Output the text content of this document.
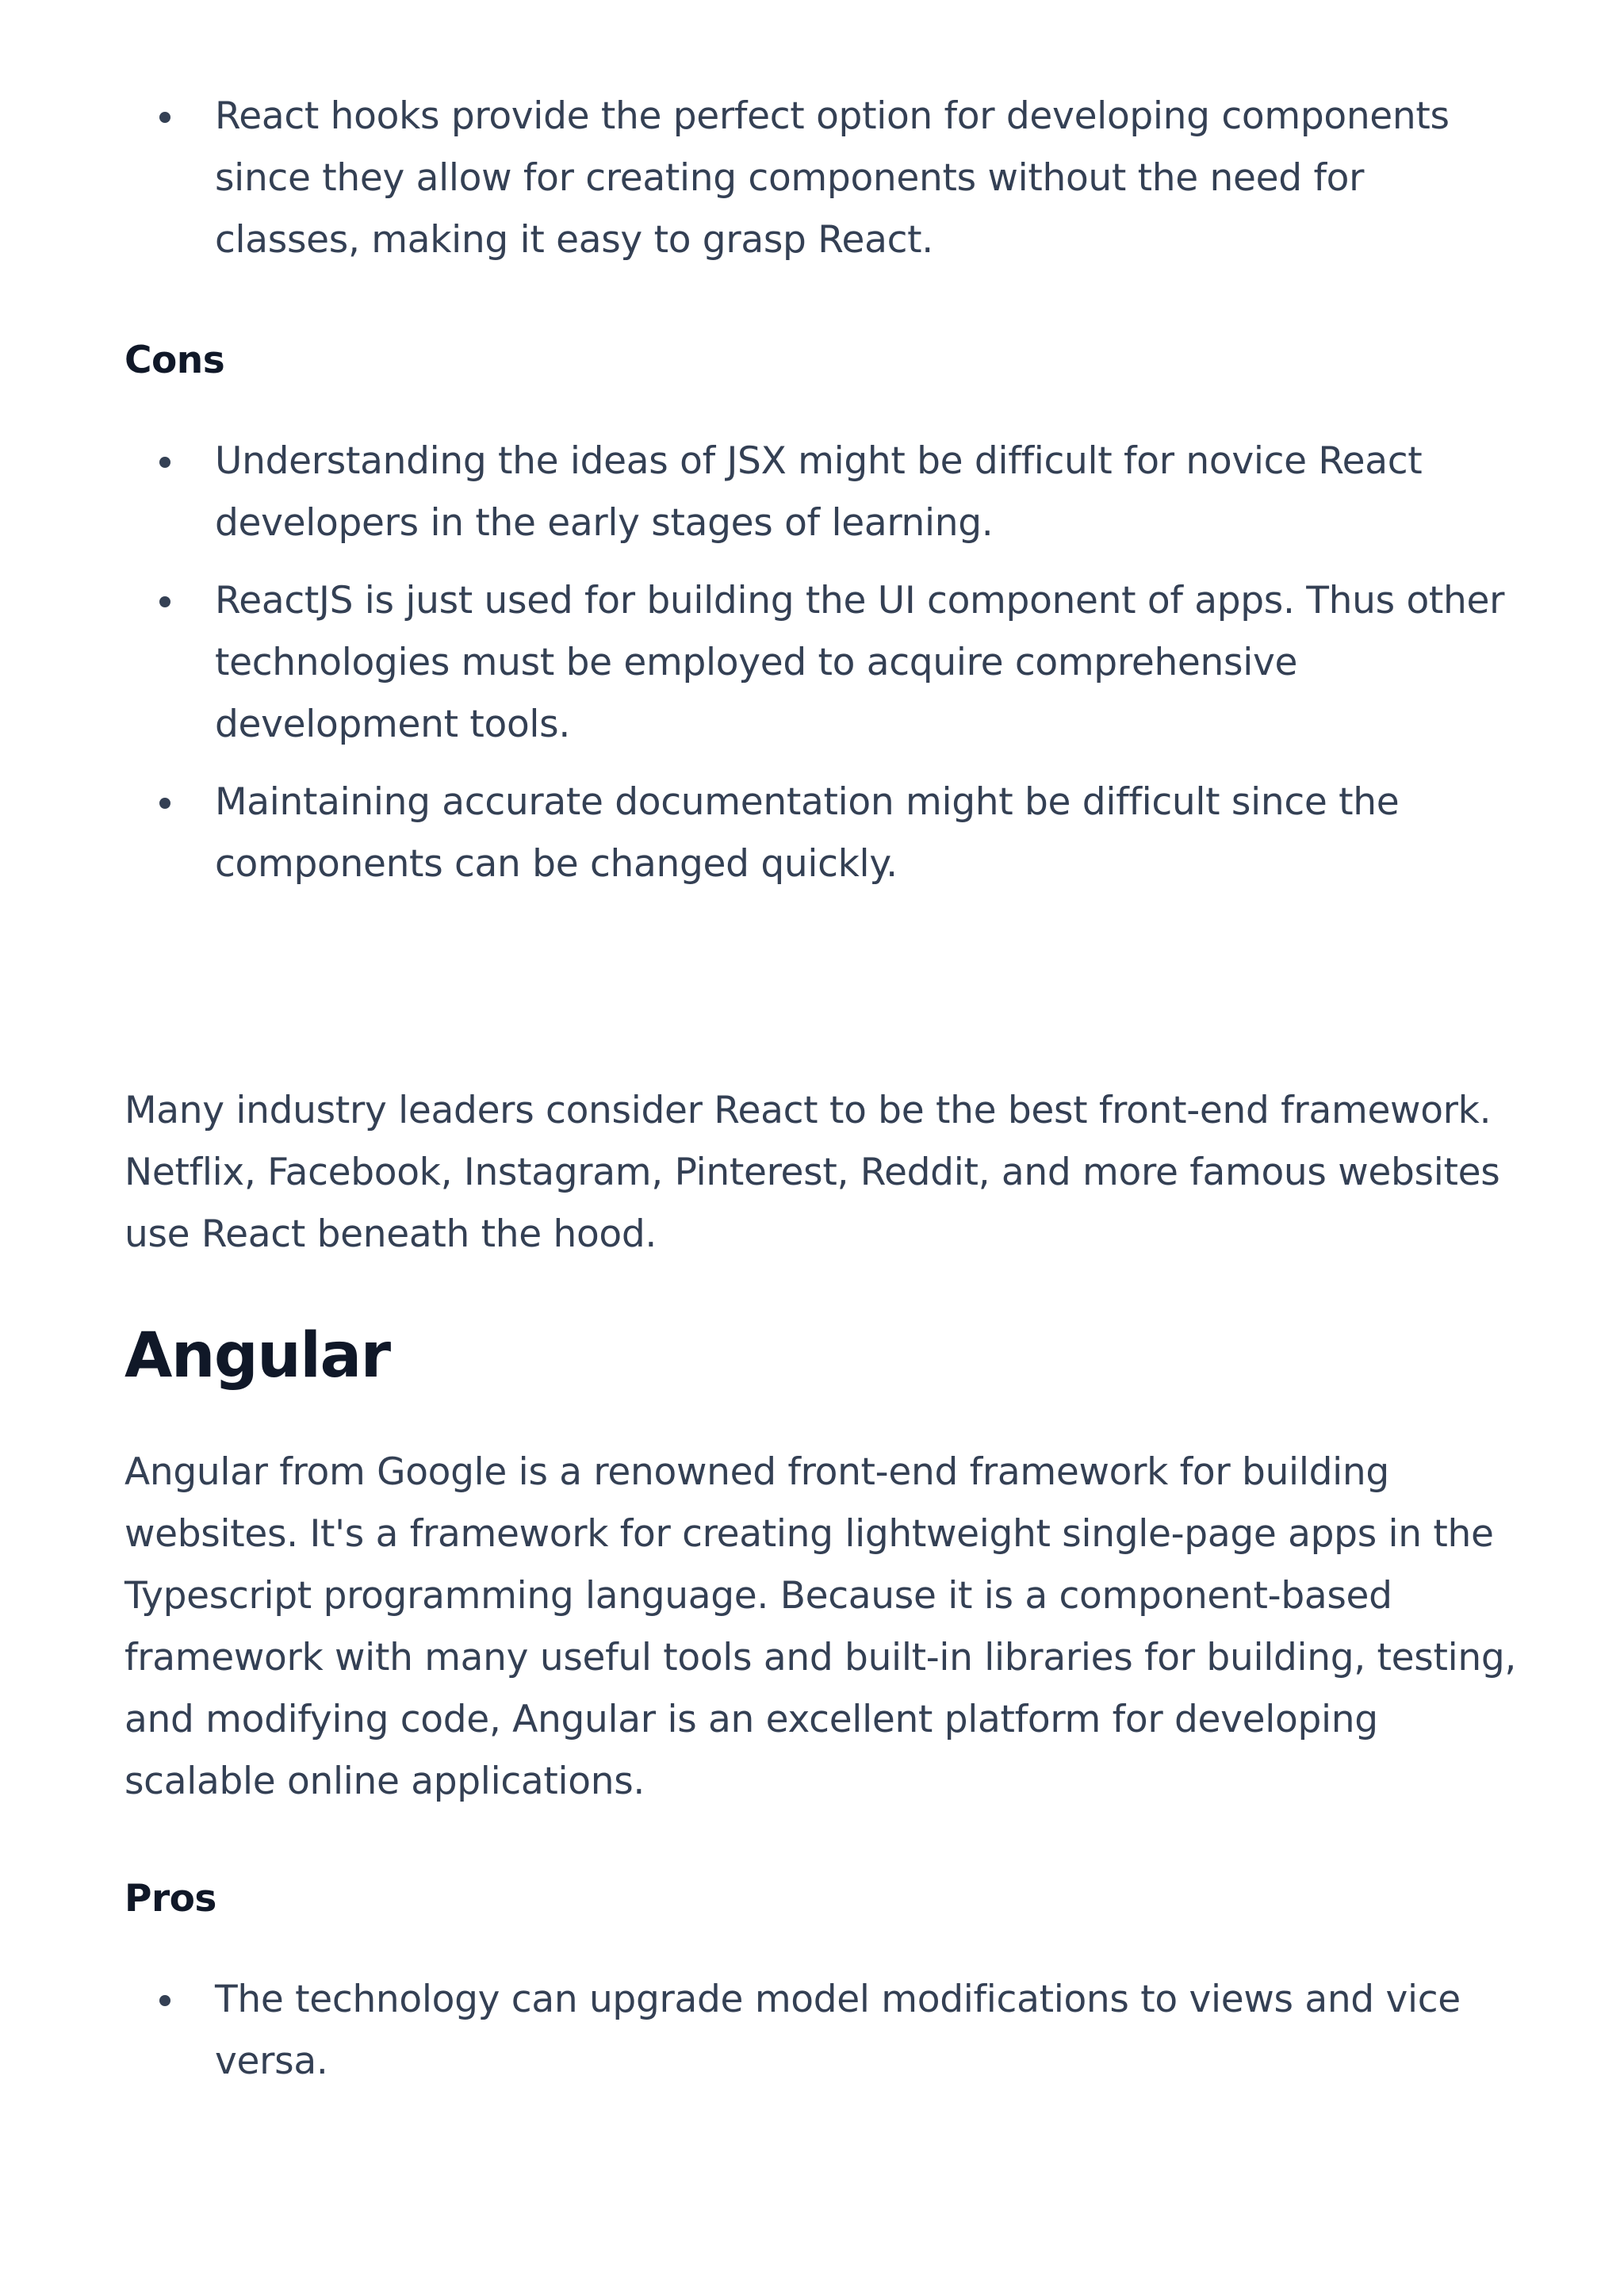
React hooks provide the perfect option for developing components since they allow for creating components without the need for classes, making it easy to grasp React.
Cons
Understanding the ideas of JSX might be difficult for novice React developers in the early stages of learning.
ReactJS is just used for building the UI component of apps. Thus other technologies must be employed to acquire comprehensive development tools.
Maintaining accurate documentation might be difficult since the components can be changed quickly.

Many industry leaders consider React to be the best front-end framework. Netflix, Facebook, Instagram, Pinterest, Reddit, and more famous websites use React beneath the hood.

Angular

Angular from Google is a renowned front-end framework for building websites. It's a framework for creating lightweight single-page apps in the Typescript programming language. Because it is a component-based framework with many useful tools and built-in libraries for building, testing, and modifying code, Angular is an excellent platform for developing scalable online applications.

Pros
The technology can upgrade model modifications to views and vice versa.
